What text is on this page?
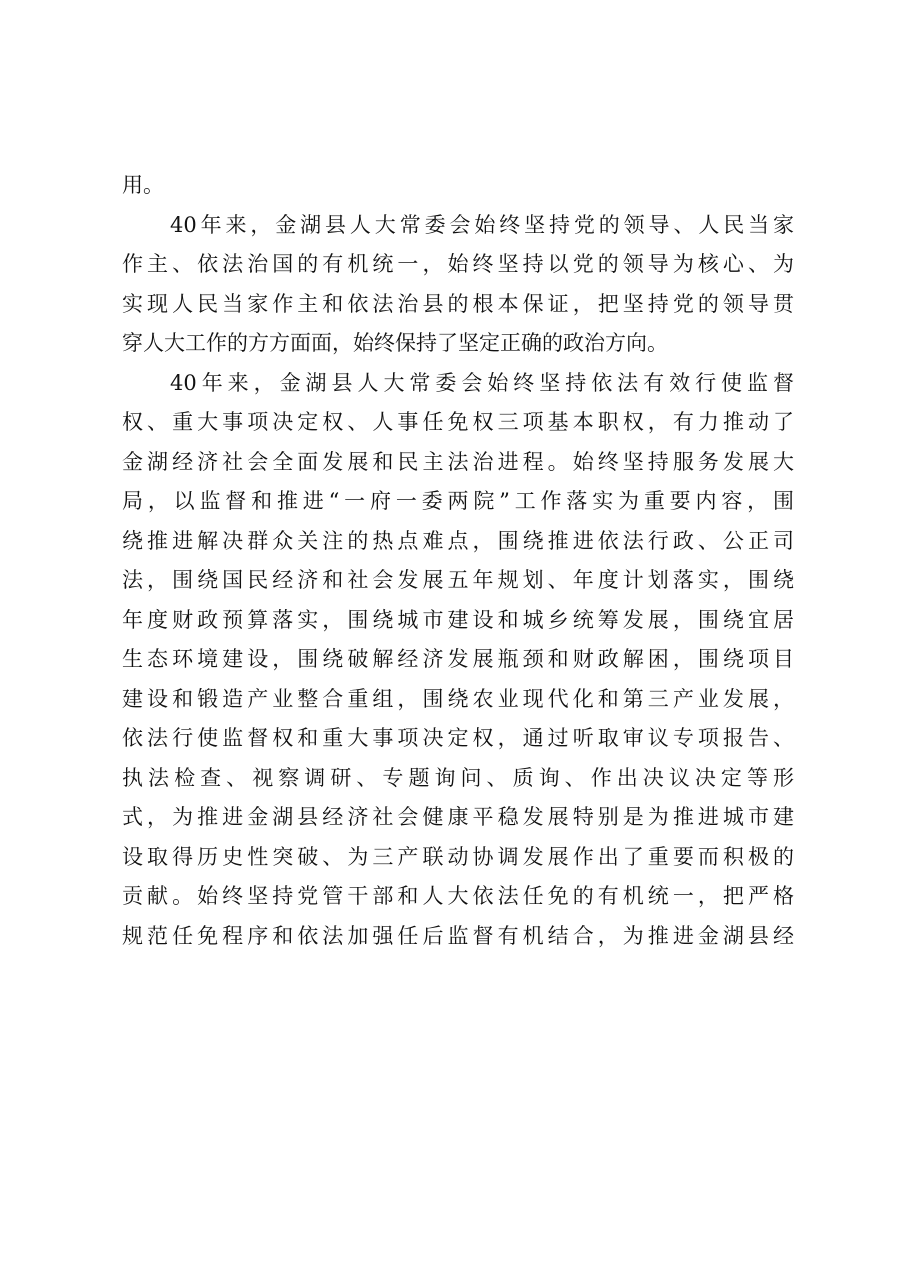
用。
40年来，金湖县人大常委会始终坚持党的领导、人民当家
作主、依法治国的有机统一，始终坚持以党的领导为核心、为
实现人民当家作主和依法治县的根本保证，把坚持党的领导贯
穿人大工作的方方面面，始终保持了坚定正确的政治方向。
40年来，金湖县人大常委会始终坚持依法有效行使监督
权、重大事项决定权、人事任免权三项基本职权，有力推动了
金湖经济社会全面发展和民主法治进程。始终坚持服务发展大
局，以监督和推进“一府一委两院”工作落实为重要内容，围
绕推进解决群众关注的热点难点，围绕推进依法行政、公正司
法，围绕国民经济和社会发展五年规划、年度计划落实，围绕
年度财政预算落实，围绕城市建设和城乡统筹发展，围绕宜居
生态环境建设，围绕破解经济发展瓶颈和财政解困，围绕项目
建设和锻造产业整合重组，围绕农业现代化和第三产业发展，
依法行使监督权和重大事项决定权，通过听取审议专项报告、
执法检查、视察调研、专题询问、质询、作出决议决定等形
式，为推进金湖县经济社会健康平稳发展特别是为推进城市建
设取得历史性突破、为三产联动协调发展作出了重要而积极的
贡献。始终坚持党管干部和人大依法任免的有机统一，把严格
规范任免程序和依法加强任后监督有机结合，为推进金湖县经
